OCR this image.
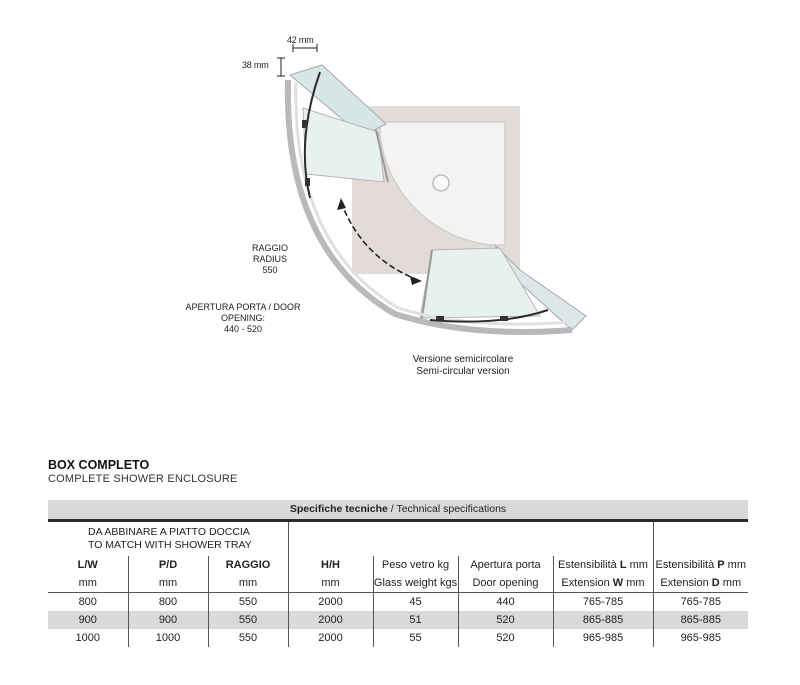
42 mm
38 mm
RAGGIO
RADIUS
550
APERTURA PORTA / DOOR OPENING:
440 - 520
Versione semicircolare
Semi-circular version
BOX COMPLETO
COMPLETE SHOWER ENCLOSURE
Specifiche tecniche / Technical specifications
DA ABBINARE A PIATTO DOCCIA
TO MATCH WITH SHOWER TRAY							

L/W	P/D	RAGGIO	H/H	Peso vetro kg	Apertura porta	Estensibilità L mm	Estensibilità P mm
mm	mm	mm	mm	Glass weight kgs	Door opening	Extension W mm	Extension D mm
800	800	550	2000	45	440	765-785	765-785
900	900	550	2000	51	520	865-885	865-885
1000	1000	550	2000	55	520	965-985	965-985
